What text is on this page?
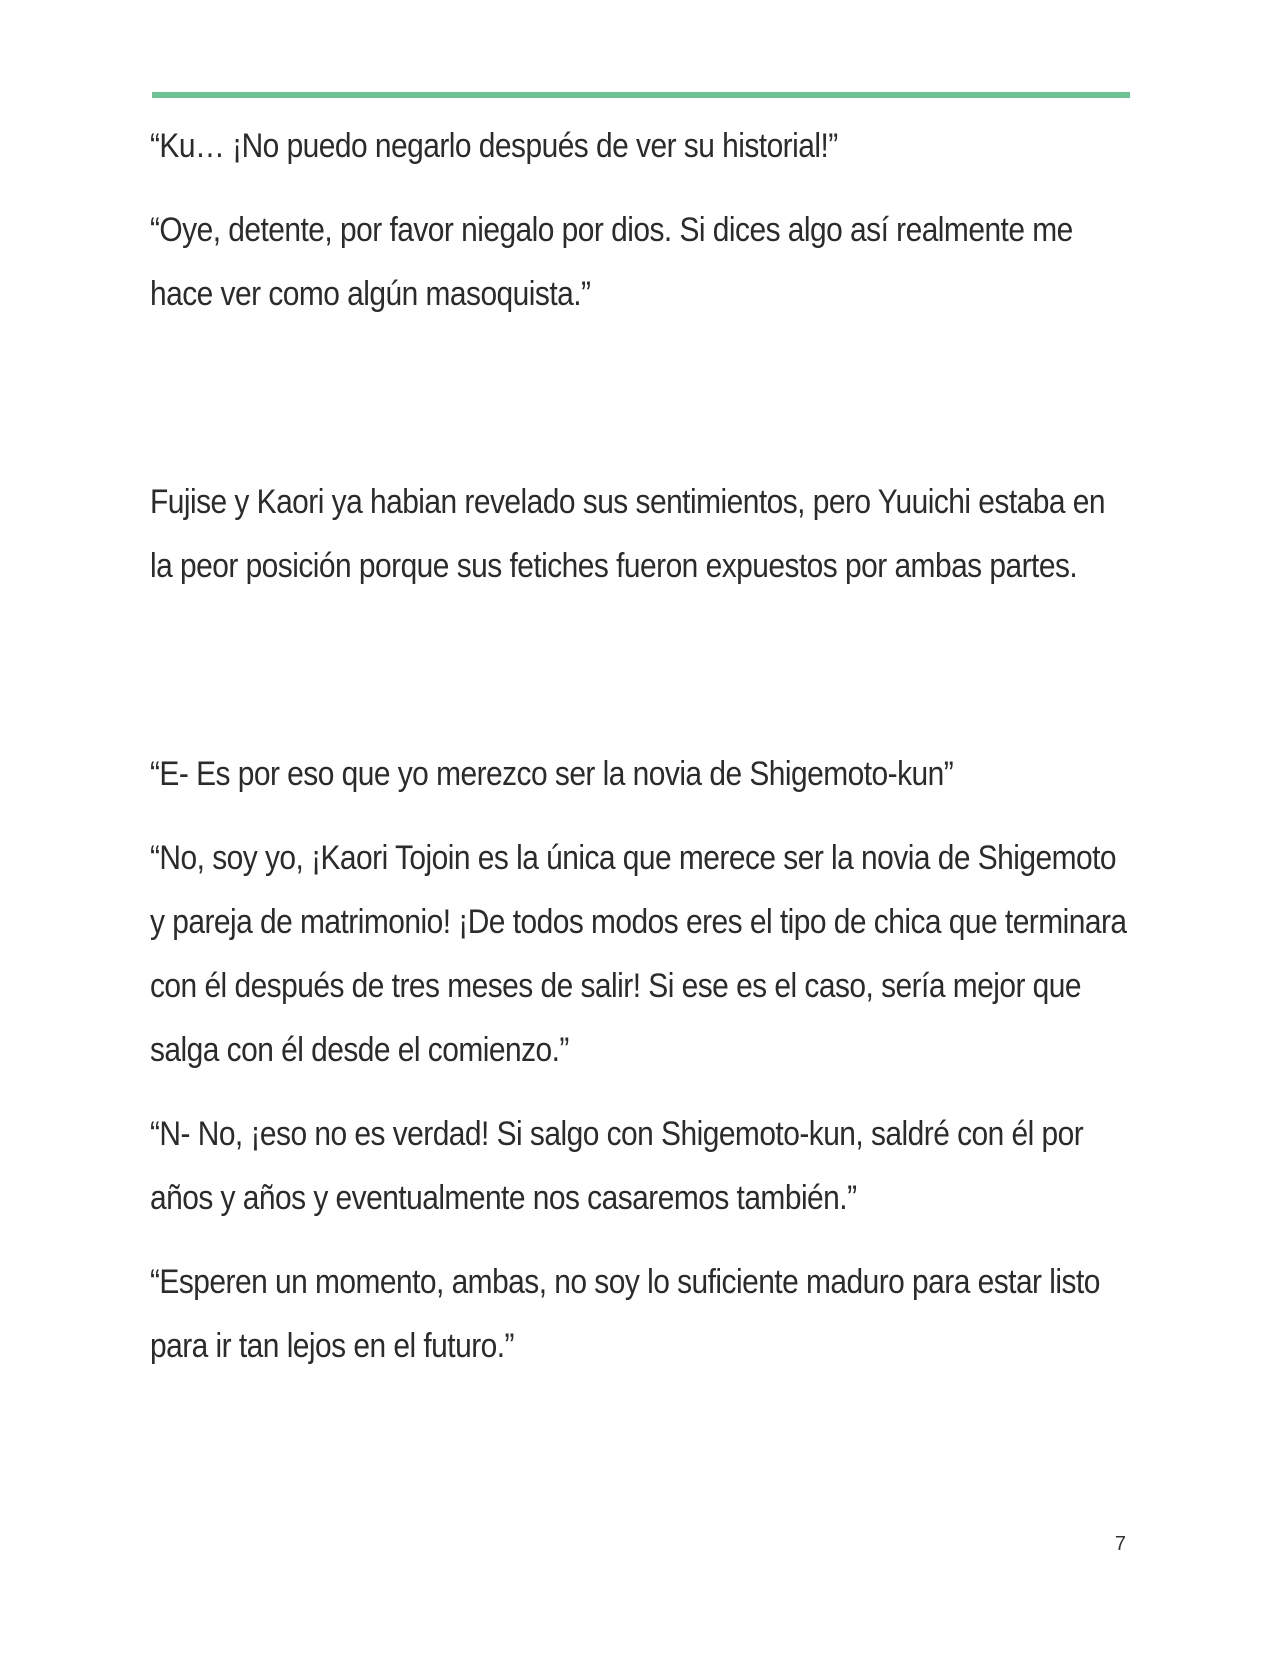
“Ku… ¡No puedo negarlo después de ver su historial!”

“Oye, detente, por favor niegalo por dios. Si dices algo así realmente me hace ver como algún masoquista.”

Fujise y Kaori ya habian revelado sus sentimientos, pero Yuuichi estaba en la peor posición porque sus fetiches fueron expuestos por ambas partes.

“E- Es por eso que yo merezco ser la novia de Shigemoto-kun”

“No, soy yo, ¡Kaori Tojoin es la única que merece ser la novia de Shigemoto y pareja de matrimonio! ¡De todos modos eres el tipo de chica que terminara con él después de tres meses de salir! Si ese es el caso, sería mejor que salga con él desde el comienzo.”

“N- No, ¡eso no es verdad! Si salgo con Shigemoto-kun, saldré con él por años y años y eventualmente nos casaremos también.”

“Esperen un momento, ambas, no soy lo suficiente maduro para estar listo para ir tan lejos en el futuro.”

7
